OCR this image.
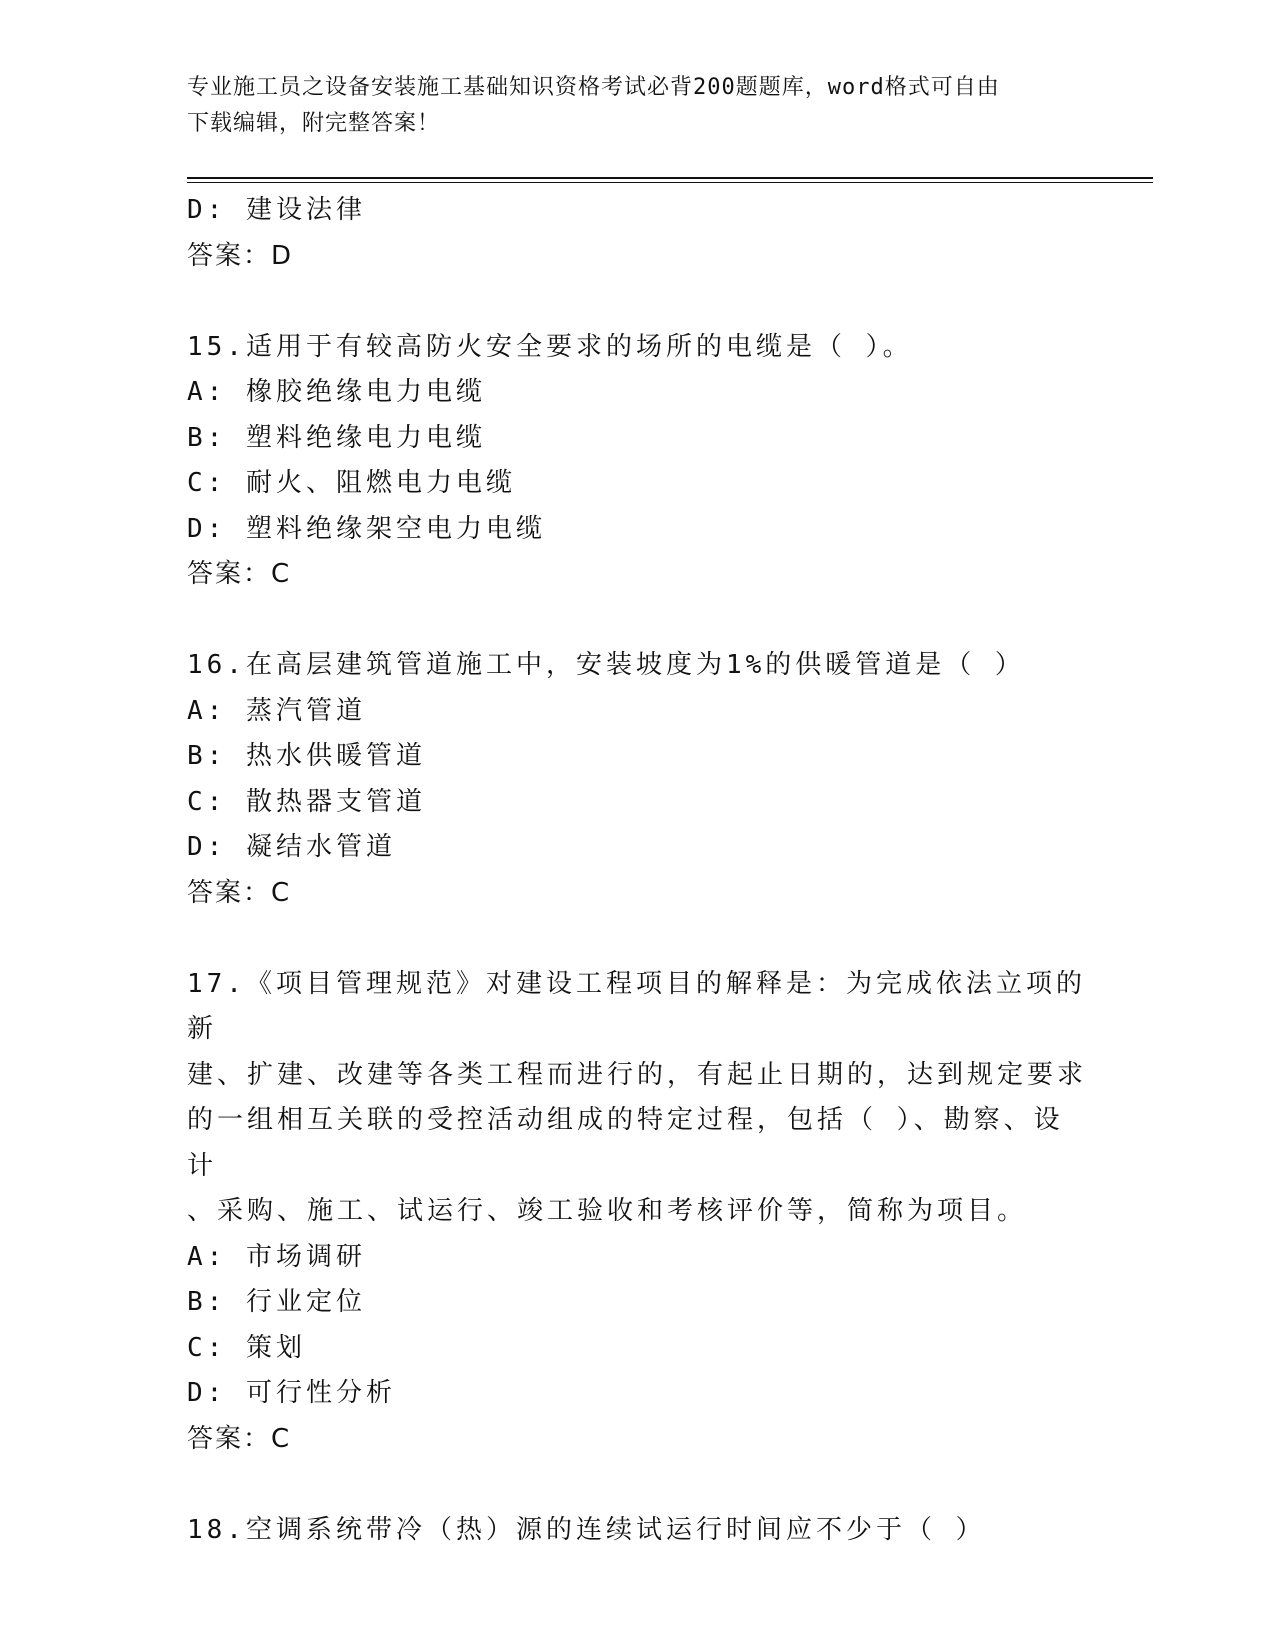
专业施工员之设备安装施工基础知识资格考试必背200题题库，word格式可自由
下载编辑，附完整答案！
D: 建设法律
答案：D
15.适用于有较高防火安全要求的场所的电缆是（ ）。
A: 橡胶绝缘电力电缆
B: 塑料绝缘电力电缆
C: 耐火、阻燃电力电缆
D: 塑料绝缘架空电力电缆
答案：C
16.在高层建筑管道施工中，安装坡度为1%的供暖管道是（ ）
A: 蒸汽管道
B: 热水供暖管道
C: 散热器支管道
D: 凝结水管道
答案：C
17.《项目管理规范》对建设工程项目的解释是：为完成依法立项的新
建、扩建、改建等各类工程而进行的，有起止日期的，达到规定要求
的一组相互关联的受控活动组成的特定过程，包括（ ）、勘察、设计
、采购、施工、试运行、竣工验收和考核评价等，简称为项目。
A: 市场调研
B: 行业定位
C: 策划
D: 可行性分析
答案：C
18.空调系统带冷（热）源的连续试运行时间应不少于（ ）
